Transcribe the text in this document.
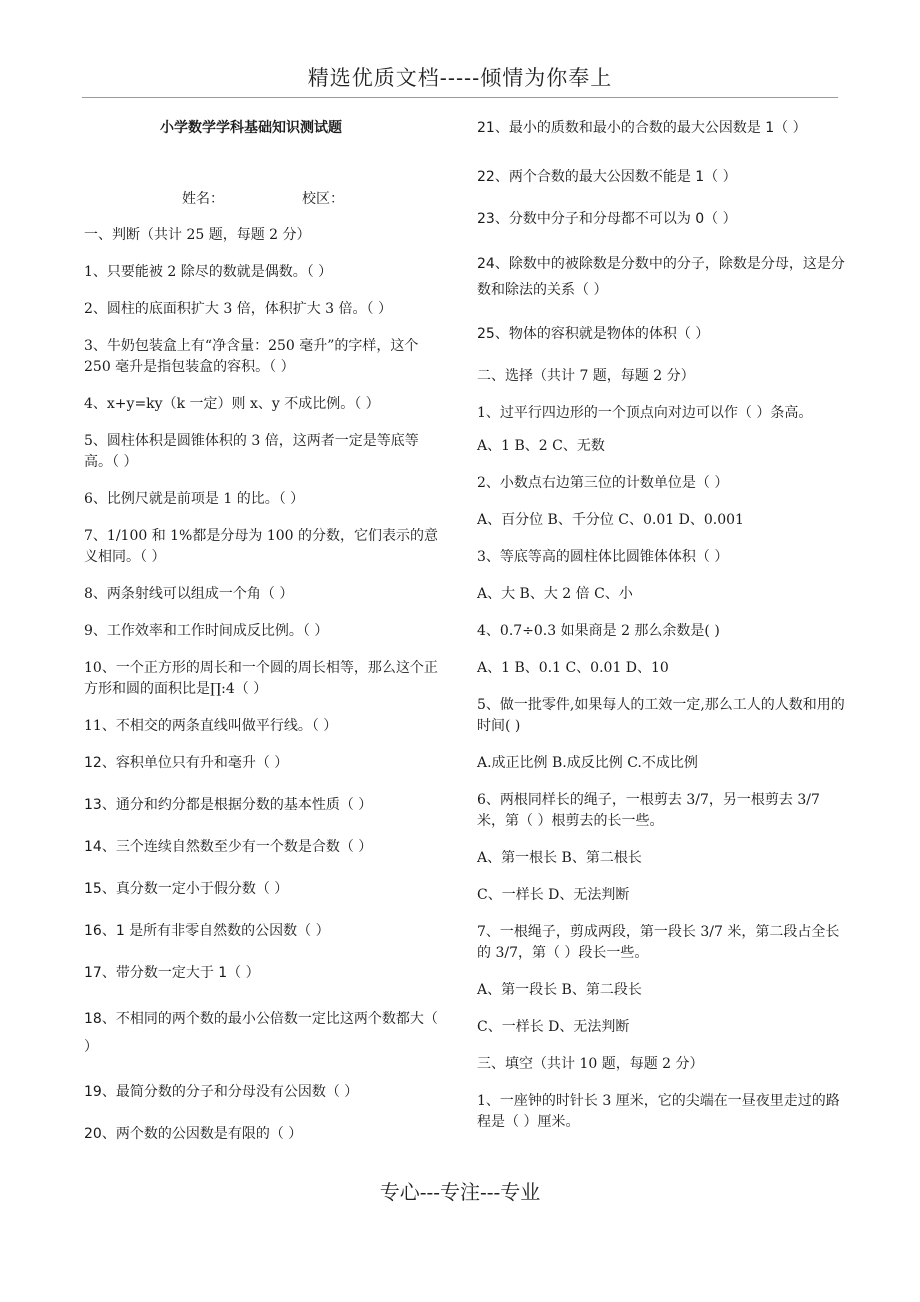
精选优质文档-----倾情为你奉上
小学数学学科基础知识测试题
姓名：	校区：

一、判断（共计 25 题，每题 2 分）

1、只要能被 2 除尽的数就是偶数。（ ）

2、圆柱的底面积扩大 3 倍，体积扩大 3 倍。（ ）

3、牛奶包装盒上有“净含量：250 毫升”的字样，这个 250 毫升是指包装盒的容积。（ ）

4、x+y=ky（k 一定）则 x、y 不成比例。（ ）

5、圆柱体积是圆锥体积的 3 倍，这两者一定是等底等高。（ ）

6、比例尺就是前项是 1 的比。（ ）

7、1/100 和 1%都是分母为 100 的分数，它们表示的意义相同。（ ）

8、两条射线可以组成一个角（ ）

9、工作效率和工作时间成反比例。（ ）

10、一个正方形的周长和一个圆的周长相等，那么这个正方形和圆的面积比是∏:4（ ）

11、不相交的两条直线叫做平行线。（ ）

12、容积单位只有升和毫升（ ）

13、通分和约分都是根据分数的基本性质（ ）

14、三个连续自然数至少有一个数是合数（ ）

15、真分数一定小于假分数（ ）

16、1 是所有非零自然数的公因数（ ）

17、带分数一定大于 1（ ）

18、不相同的两个数的最小公倍数一定比这两个数都大（ ）

19、最简分数的分子和分母没有公因数（ ）

20、两个数的公因数是有限的（ ）

21、最小的质数和最小的合数的最大公因数是 1（ ）

22、两个合数的最大公因数不能是 1（ ）

23、分数中分子和分母都不可以为 0（ ）

24、除数中的被除数是分数中的分子，除数是分母，这是分数和除法的关系（ ）

25、物体的容积就是物体的体积（ ）

二、选择（共计 7 题，每题 2 分）

1、过平行四边形的一个顶点向对边可以作（ ）条高。

A、1 B、2 C、无数

2、小数点右边第三位的计数单位是（ ）

A、百分位 B、千分位 C、0.01 D、0.001

3、等底等高的圆柱体比圆锥体体积（ ）

A、大 B、大 2 倍 C、小

4、0.7÷0.3 如果商是 2 那么余数是( )

A、1 B、0.1 C、0.01 D、10

5、做一批零件,如果每人的工效一定,那么工人的人数和用的时间( )

A.成正比例 B.成反比例 C.不成比例

6、两根同样长的绳子，一根剪去 3/7，另一根剪去 3/7 米，第（ ）根剪去的长一些。

A、第一根长 B、第二根长

C、一样长 D、无法判断

7、一根绳子，剪成两段，第一段长 3/7 米，第二段占全长的 3/7，第（ ）段长一些。

A、第一段长 B、第二段长

C、一样长 D、无法判断

三、填空（共计 10 题，每题 2 分）

1、一座钟的时针长 3 厘米，它的尖端在一昼夜里走过的路程是（ ）厘米。

专心---专注---专业
